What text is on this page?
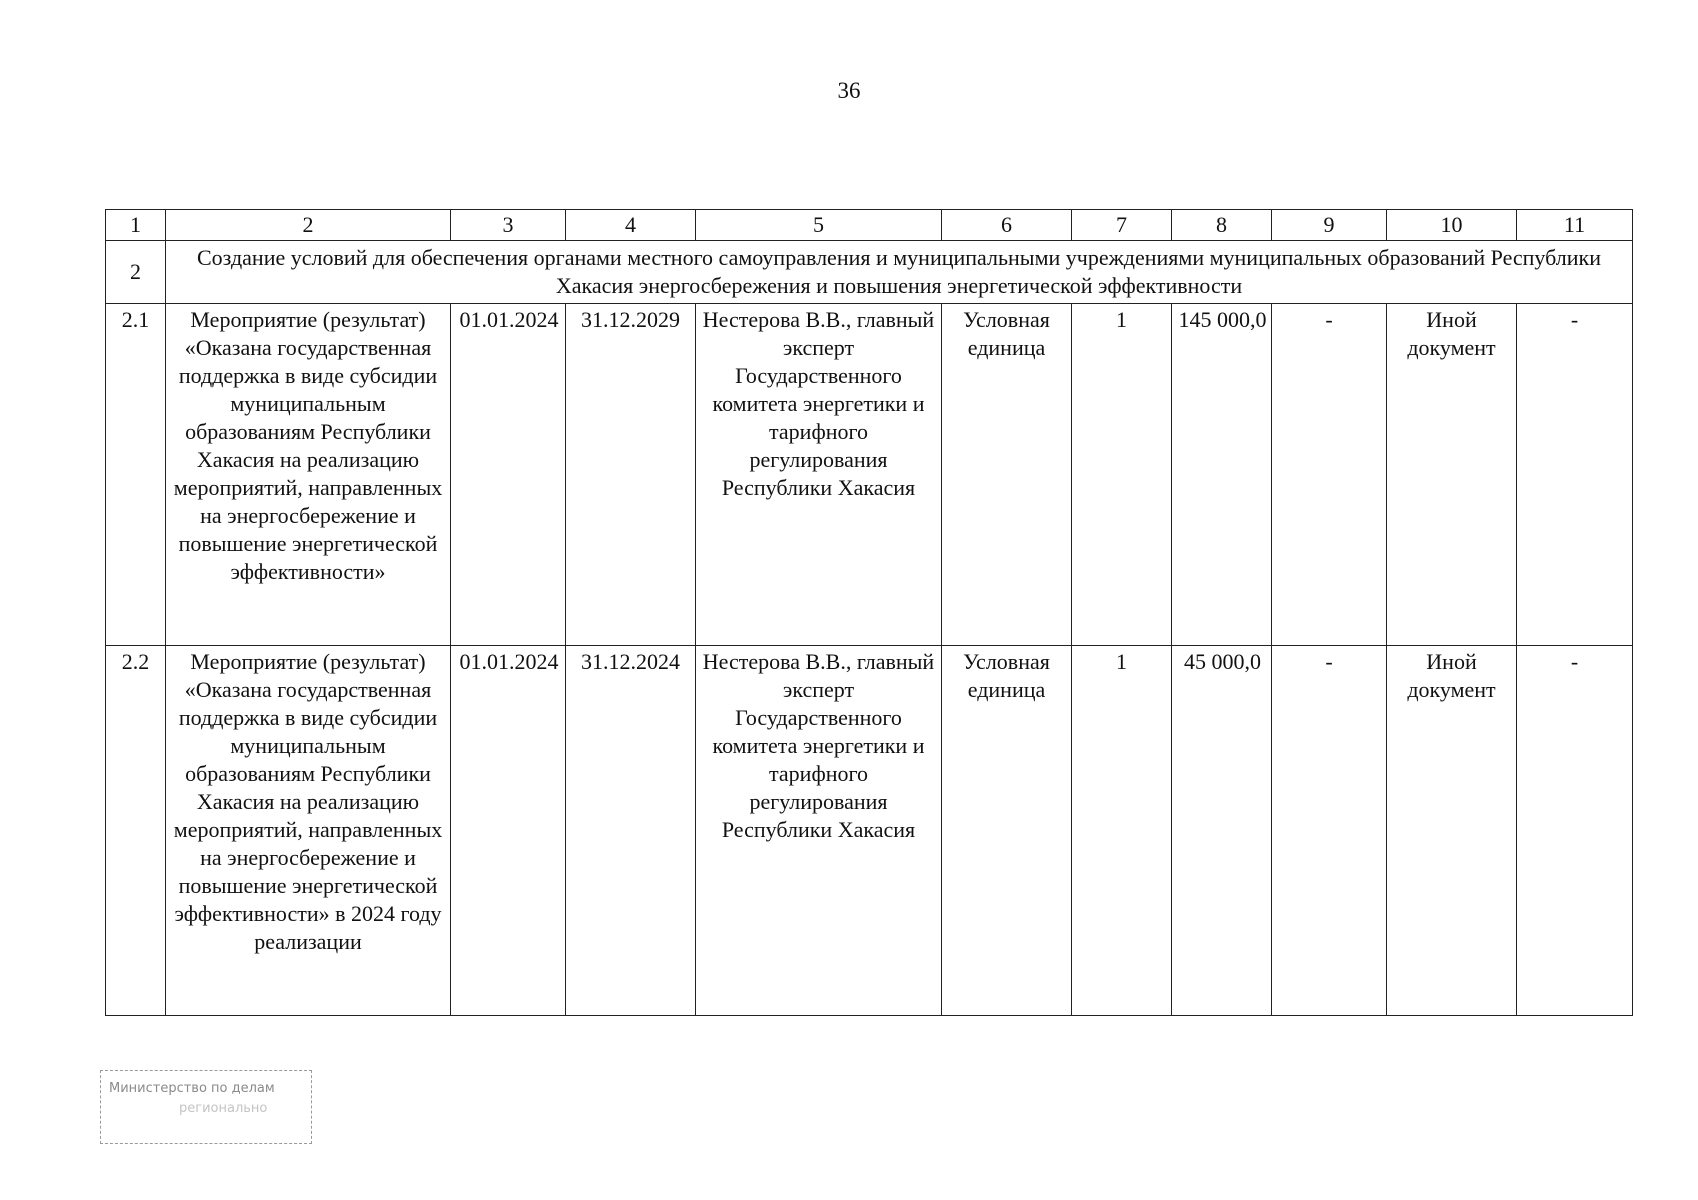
36
1	2	3	4	5	6	7	8	9	10	11
2	Создание условий для обеспечения органами местного самоуправления и муниципальными учреждениями муниципальных образований Республики Хакасия энергосбережения и повышения энергетической эффективности									
2.1	Мероприятие (результат) «Оказана государственная поддержка в виде субсидии муниципальным образованиям Республики Хакасия на реализацию мероприятий, направленных на энергосбережение и повышение энергетической эффективности»	01.01.2024	31.12.2029	Нестерова В.В., главный эксперт Государственного комитета энергетики и тарифного регулирования Республики Хакасия	Условная единица	1	145 000,0	-	Иной документ	-
2.2	Мероприятие (результат) «Оказана государственная поддержка в виде субсидии муниципальным образованиям Республики Хакасия на реализацию мероприятий, направленных на энергосбережение и повышение энергетической эффективности» в 2024 году реализации	01.01.2024	31.12.2024	Нестерова В.В., главный эксперт Государственного комитета энергетики и тарифного регулирования Республики Хакасия	Условная единица	1	45 000,0	-	Иной документ	-
Министерство по делам
регионально
